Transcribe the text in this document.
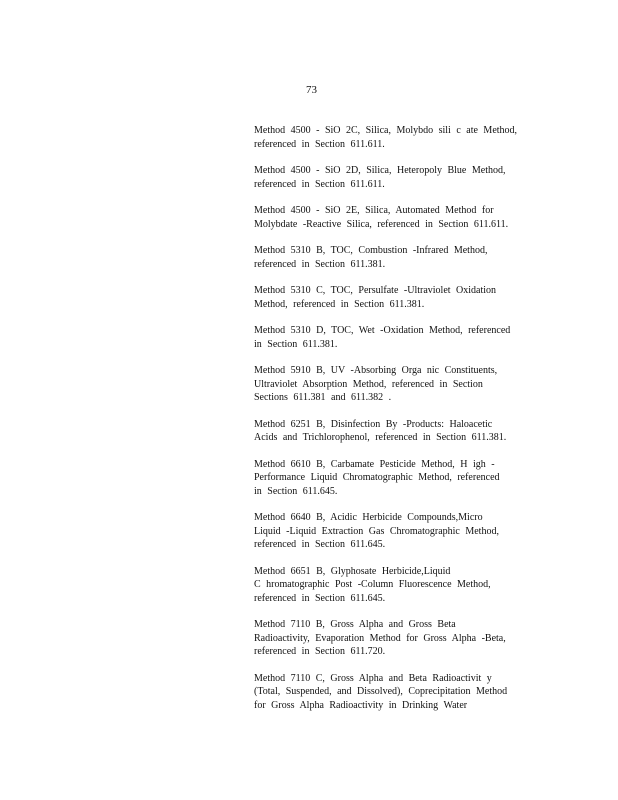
73
Method 4500 - SiO 2C, Silica, Molybdo sili c ate Method,
referenced in Section 611.611.
Method 4500 - SiO 2D, Silica, Heteropoly Blue Method,
referenced in Section 611.611.
Method 4500 - SiO 2E, Silica, Automated Method for
Molybdate -Reactive Silica, referenced in Section 611.611.
Method 5310 B, TOC, Combustion -Infrared Method,
referenced in Section 611.381.
Method 5310 C, TOC, Persulfate -Ultraviolet Oxidation
Method, referenced in Section 611.381.
Method 5310 D, TOC, Wet -Oxidation Method, referenced
in Section 611.381.
Method 5910 B, UV -Absorbing Orga nic Constituents,
Ultraviolet Absorption Method, referenced in Section
Sections 611.381 and 611.382 .
Method 6251 B, Disinfection By -Products: Haloacetic
Acids and Trichlorophenol, referenced in Section 611.381.
Method 6610 B, Carbamate Pesticide Method, H igh -
Performance Liquid Chromatographic Method, referenced
in Section 611.645.
Method 6640 B, Acidic Herbicide Compounds,Micro
Liquid -Liquid Extraction Gas Chromatographic Method,
referenced in Section 611.645.
Method 6651 B, Glyphosate Herbicide,Liquid
C hromatographic Post -Column Fluorescence Method,
referenced in Section 611.645.
Method 7110 B, Gross Alpha and Gross Beta
Radioactivity, Evaporation Method for Gross Alpha -Beta,
referenced in Section 611.720.
Method 7110 C, Gross Alpha and Beta Radioactivit y
(Total, Suspended, and Dissolved), Coprecipitation Method
for Gross Alpha Radioactivity in Drinking Water
